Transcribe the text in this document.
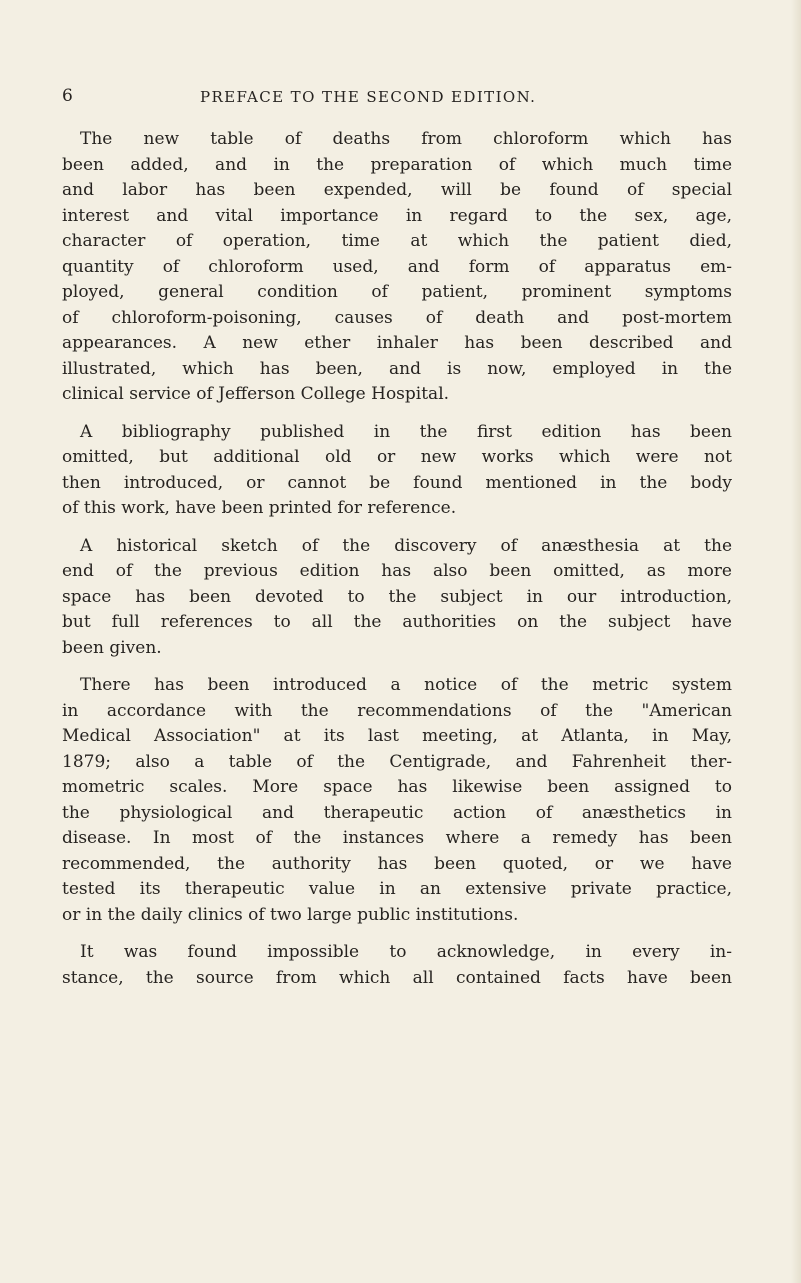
6	PREFACE TO THE SECOND EDITION.
The new table of deaths from chloroform which has
been added, and in the preparation of which much time
and labor has been expended, will be found of special
interest and vital importance in regard to the sex, age,
character of operation, time at which the patient died,
quantity of chloroform used, and form of apparatus em-
ployed, general condition of patient, prominent symptoms
of chloroform-poisoning, causes of death and post-mortem
appearances. A new ether inhaler has been described and
illustrated, which has been, and is now, employed in the
clinical service of Jefferson College Hospital.
A bibliography published in the first edition has been
omitted, but additional old or new works which were not
then introduced, or cannot be found mentioned in the body
of this work, have been printed for reference.
A historical sketch of the discovery of anæsthesia at the
end of the previous edition has also been omitted, as more
space has been devoted to the subject in our introduction,
but full references to all the authorities on the subject have
been given.
There has been introduced a notice of the metric system
in accordance with the recommendations of the "American
Medical Association" at its last meeting, at Atlanta, in May,
1879; also a table of the Centigrade, and Fahrenheit ther-
mometric scales. More space has likewise been assigned to
the physiological and therapeutic action of anæsthetics in
disease. In most of the instances where a remedy has been
recommended, the authority has been quoted, or we have
tested its therapeutic value in an extensive private practice,
or in the daily clinics of two large public institutions.
It was found impossible to acknowledge, in every in-
stance, the source from which all contained facts have been
